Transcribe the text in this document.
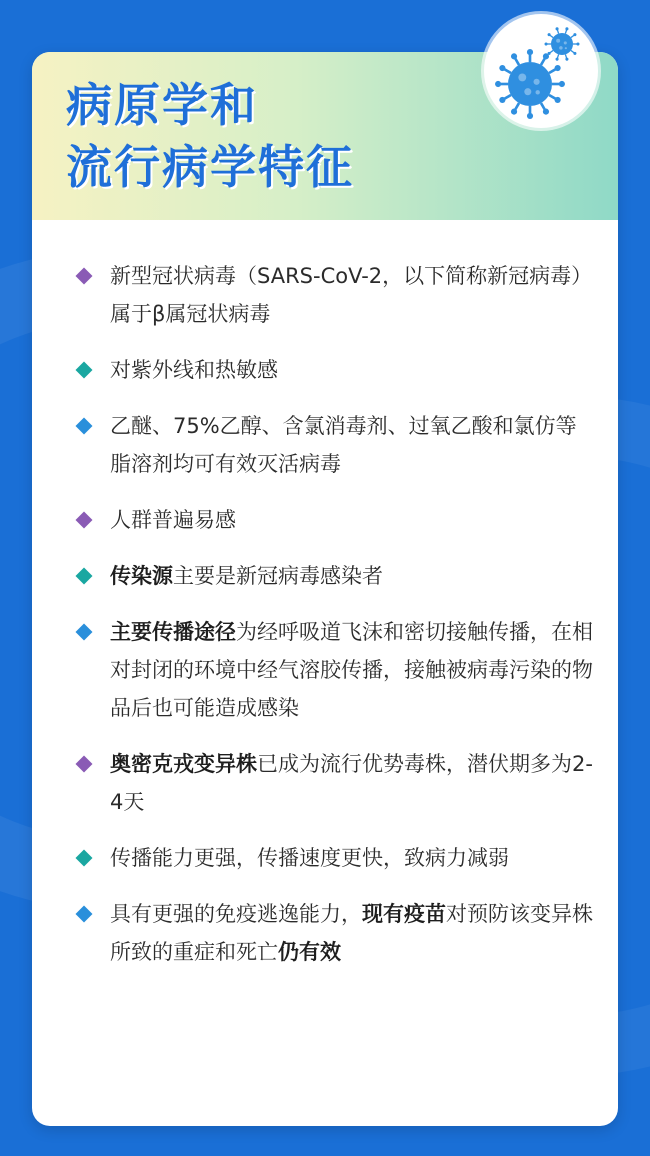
病原学和
流行病学特征
新型冠状病毒（SARS-CoV-2，以下简称新冠病毒）属于β属冠状病毒
对紫外线和热敏感
乙醚、75%乙醇、含氯消毒剂、过氧乙酸和氯仿等脂溶剂均可有效灭活病毒
人群普遍易感
传染源主要是新冠病毒感染者
主要传播途径为经呼吸道飞沫和密切接触传播，在相对封闭的环境中经气溶胶传播，接触被病毒污染的物品后也可能造成感染
奥密克戎变异株已成为流行优势毒株，潜伏期多为2-4天
传播能力更强，传播速度更快，致病力减弱
具有更强的免疫逃逸能力，现有疫苗对预防该变异株所致的重症和死亡仍有效
